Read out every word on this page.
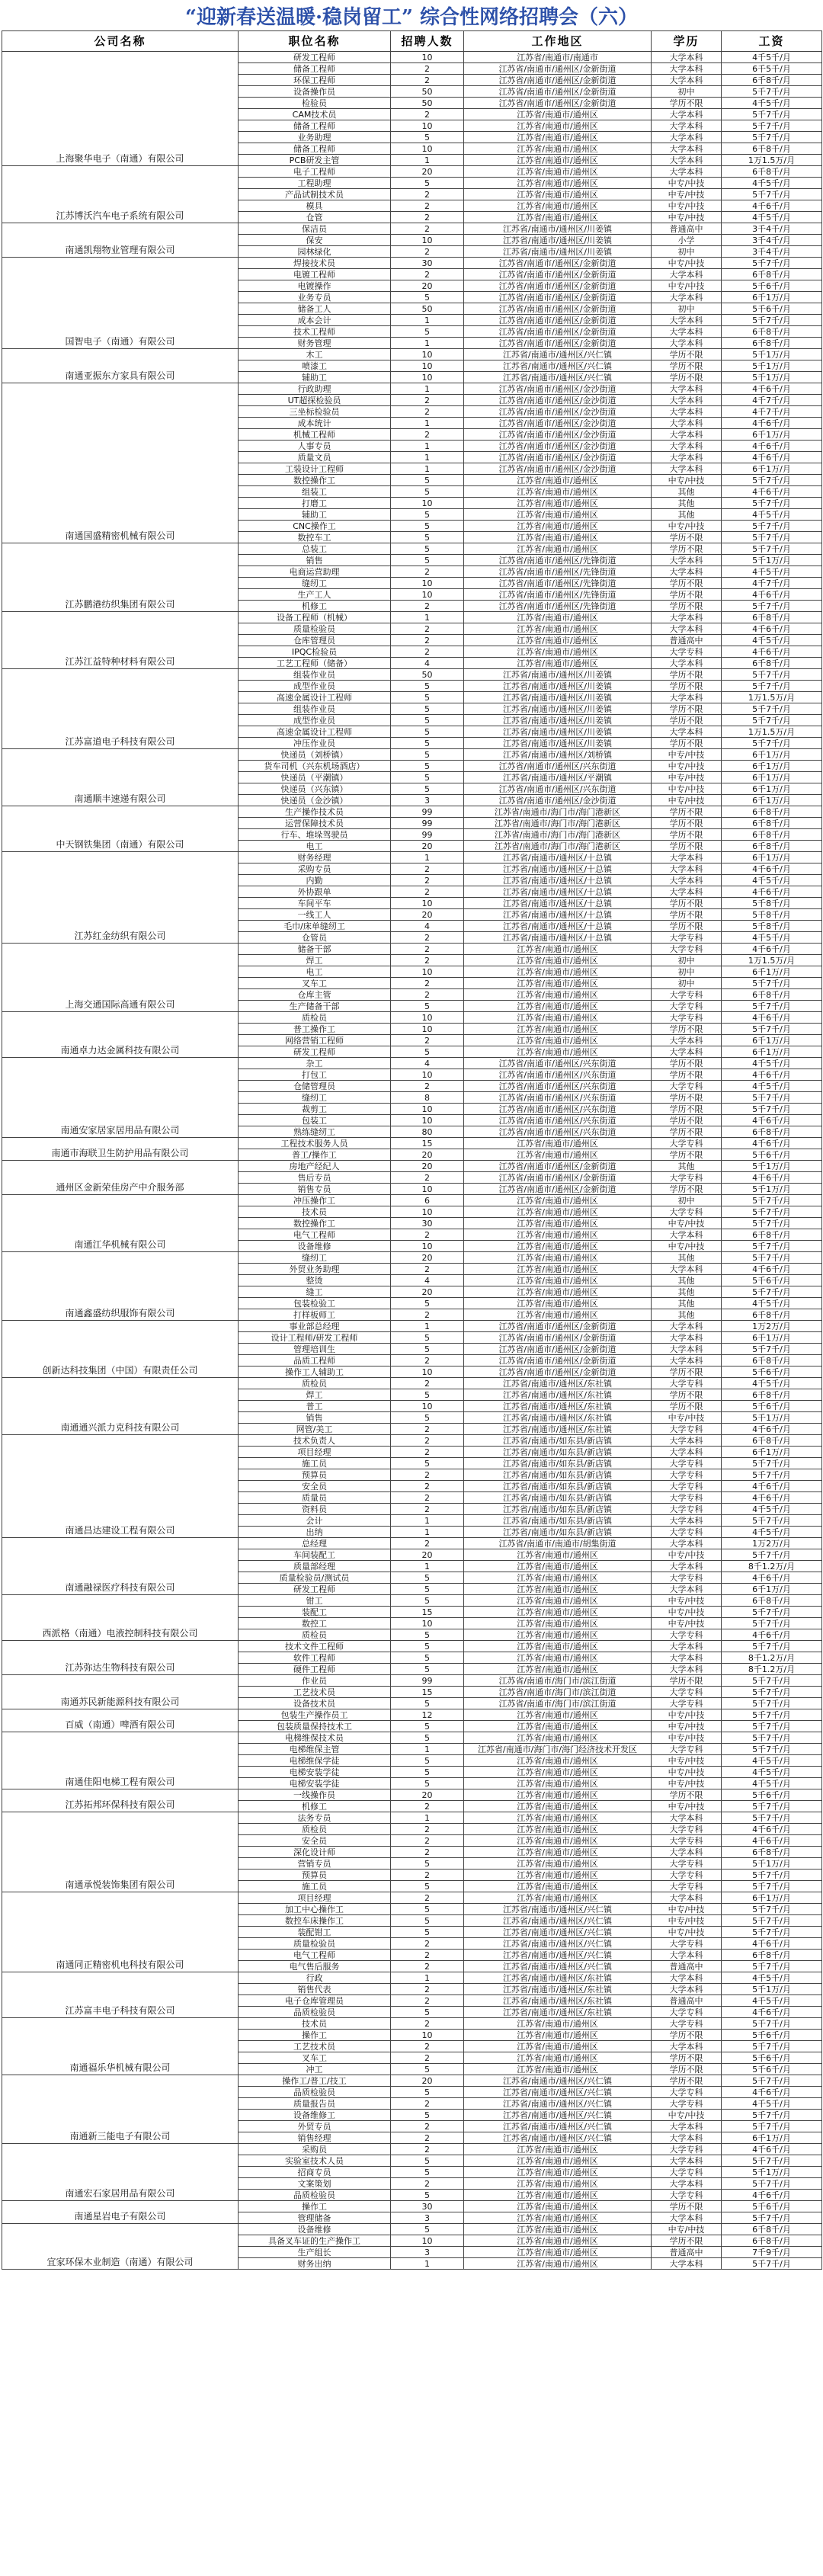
“迎新春送温暖·稳岗留工” 综合性网络招聘会（六）
公司名称	职位名称	招聘人数	工作地区	学历	工资
上海聚华电子（南通）有限公司	研发工程师	10	江苏省/南通市/南通市	大学本科	4千5千/月
	储备工程师	2	江苏省/南通市/通州区/金新街道	大学本科	6千5千/月
	环保工程师	2	江苏省/南通市/通州区/金新街道	大学本科	6千8千/月
	设备操作员	50	江苏省/南通市/通州区/金新街道	初中	5千7千/月
	检验员	50	江苏省/南通市/通州区/金新街道	学历不限	4千5千/月
	CAM技术员	2	江苏省/南通市/通州区	大学本科	5千7千/月
	储备工程师	10	江苏省/南通市/通州区	大学本科	5千7千/月
	业务助理	5	江苏省/南通市/通州区	大学本科	5千7千/月
	储备工程师	10	江苏省/南通市/通州区	大学本科	6千8千/月
	PCB研发主管	1	江苏省/南通市/通州区	大学本科	1万1.5万/月
江苏博沃汽车电子系统有限公司	电子工程师	20	江苏省/南通市/通州区	大学本科	6千8千/月
	工程助理	5	江苏省/南通市/通州区	中专/中技	4千5千/月
	产品试制技术员	2	江苏省/南通市/通州区	中专/中技	5千7千/月
	模具	2	江苏省/南通市/通州区	中专/中技	4千6千/月
	仓管	2	江苏省/南通市/通州区	中专/中技	4千5千/月
南通凯翔物业管理有限公司	保洁员	2	江苏省/南通市/通州区/川姜镇	普通高中	3千4千/月
	保安	10	江苏省/南通市/通州区/川姜镇	小学	3千4千/月
	园林绿化	2	江苏省/南通市/通州区/川姜镇	初中	3千4千/月
国智电子（南通）有限公司	焊接技术员	30	江苏省/南通市/通州区/金新街道	中专/中技	5千7千/月
	电镀工程师	2	江苏省/南通市/通州区/金新街道	大学本科	6千8千/月
	电镀操作	20	江苏省/南通市/通州区/金新街道	中专/中技	5千6千/月
	业务专员	5	江苏省/南通市/通州区/金新街道	大学本科	6千1万/月
	储备工人	50	江苏省/南通市/通州区/金新街道	初中	5千6千/月
	成本会计	1	江苏省/南通市/通州区/金新街道	大学本科	5千7千/月
	技术工程师	5	江苏省/南通市/通州区/金新街道	大学本科	6千8千/月
	财务管理	1	江苏省/南通市/通州区/金新街道	大学本科	6千8千/月
南通亚振东方家具有限公司	木工	10	江苏省/南通市/通州区/兴仁镇	学历不限	5千1万/月
	喷漆工	10	江苏省/南通市/通州区/兴仁镇	学历不限	5千1万/月
	辅助工	10	江苏省/南通市/通州区/兴仁镇	学历不限	5千1万/月
南通国盛精密机械有限公司	行政助理	1	江苏省/南通市/通州区/金沙街道	大学本科	4千6千/月
	UT超探检验员	2	江苏省/南通市/通州区/金沙街道	大学本科	4千7千/月
	三坐标检验员	2	江苏省/南通市/通州区/金沙街道	大学本科	4千7千/月
	成本统计	1	江苏省/南通市/通州区/金沙街道	大学本科	4千6千/月
	机械工程师	2	江苏省/南通市/通州区/金沙街道	大学本科	6千1万/月
	人事专员	1	江苏省/南通市/通州区/金沙街道	大学本科	4千6千/月
	质量文员	1	江苏省/南通市/通州区/金沙街道	大学本科	4千6千/月
	工装设计工程师	1	江苏省/南通市/通州区/金沙街道	大学本科	6千1万/月
	数控操作工	5	江苏省/南通市/通州区	中专/中技	5千7千/月
	组装工	5	江苏省/南通市/通州区	其他	4千6千/月
	打磨工	10	江苏省/南通市/通州区	其他	5千7千/月
	辅助工	5	江苏省/南通市/通州区	其他	4千5千/月
	CNC操作工	5	江苏省/南通市/通州区	中专/中技	5千7千/月
	数控车工	5	江苏省/南通市/通州区	学历不限	5千7千/月
江苏鹏港纺织集团有限公司	总装工	5	江苏省/南通市/通州区	学历不限	5千7千/月
	销售	5	江苏省/南通市/通州区/先锋街道	大学本科	5千1万/月
	电商运营助理	2	江苏省/南通市/通州区/先锋街道	大学本科	4千5千/月
	缝纫工	10	江苏省/南通市/通州区/先锋街道	学历不限	4千7千/月
	生产工人	10	江苏省/南通市/通州区/先锋街道	学历不限	4千6千/月
	机修工	2	江苏省/南通市/通州区/先锋街道	学历不限	5千7千/月
江苏江益特种材料有限公司	设备工程师（机械）	1	江苏省/南通市/通州区	大学本科	6千8千/月
	质量检验员	2	江苏省/南通市/通州区	大学本科	4千6千/月
	仓库管理员	2	江苏省/南通市/通州区	普通高中	4千5千/月
	IPQC检验员	2	江苏省/南通市/通州区	大学专科	4千6千/月
	工艺工程师（储备）	4	江苏省/南通市/通州区	大学本科	6千8千/月
江苏富道电子科技有限公司	组装作业员	50	江苏省/南通市/通州区/川姜镇	学历不限	5千7千/月
	成型作业员	5	江苏省/南通市/通州区/川姜镇	学历不限	5千7千/月
	高速金属设计工程师	5	江苏省/南通市/通州区/川姜镇	大学本科	1万1.5万/月
	组装作业员	5	江苏省/南通市/通州区/川姜镇	学历不限	5千7千/月
	成型作业员	5	江苏省/南通市/通州区/川姜镇	学历不限	5千7千/月
	高速金属设计工程师	5	江苏省/南通市/通州区/川姜镇	大学本科	1万1.5万/月
	冲压作业员	5	江苏省/南通市/通州区/川姜镇	学历不限	5千7千/月
南通顺丰速递有限公司	快递员（刘桥镇）	5	江苏省/南通市/通州区/刘桥镇	中专/中技	6千1万/月
	货车司机（兴东机场酒店）	5	江苏省/南通市/通州区/兴东街道	中专/中技	6千1万/月
	快递员（平潮镇）	5	江苏省/南通市/通州区/平潮镇	中专/中技	6千1万/月
	快递员（兴东镇）	5	江苏省/南通市/通州区/兴东街道	中专/中技	6千1万/月
	快递员（金沙镇）	3	江苏省/南通市/通州区/金沙街道	中专/中技	6千1万/月
中天钢铁集团（南通）有限公司	生产操作技术员	99	江苏省/南通市/海门市/海门港新区	学历不限	6千8千/月
	运营保障技术员	99	江苏省/南通市/海门市/海门港新区	学历不限	6千8千/月
	行车、堆垛驾驶员	99	江苏省/南通市/海门市/海门港新区	学历不限	6千8千/月
	电工	20	江苏省/南通市/海门市/海门港新区	学历不限	6千8千/月
江苏红金纺织有限公司	财务经理	1	江苏省/南通市/通州区/十总镇	大学本科	6千1万/月
	采购专员	2	江苏省/南通市/通州区/十总镇	大学本科	4千6千/月
	内勤	2	江苏省/南通市/通州区/十总镇	大学本科	4千5千/月
	外协跟单	2	江苏省/南通市/通州区/十总镇	大学本科	4千6千/月
	车间平车	10	江苏省/南通市/通州区/十总镇	学历不限	5千8千/月
	一线工人	20	江苏省/南通市/通州区/十总镇	学历不限	5千8千/月
	毛巾/床单缝纫工	4	江苏省/南通市/通州区/十总镇	学历不限	5千8千/月
	仓管员	2	江苏省/南通市/通州区/十总镇	大学专科	4千5千/月
上海交通国际高通有限公司	储备干部	2	江苏省/南通市/通州区	大学专科	4千6千/月
	焊工	2	江苏省/南通市/通州区	初中	1万1.5万/月
	电工	10	江苏省/南通市/通州区	初中	6千1万/月
	叉车工	2	江苏省/南通市/通州区	初中	5千7千/月
	仓库主管	2	江苏省/南通市/通州区	大学专科	6千8千/月
	生产储备干部	5	江苏省/南通市/通州区	大学专科	5千7千/月
南通卓力达金属科技有限公司	质检员	10	江苏省/南通市/通州区	大学专科	4千6千/月
	普工操作工	10	江苏省/南通市/通州区	学历不限	5千7千/月
	网络营销工程师	2	江苏省/南通市/通州区	大学本科	6千1万/月
	研发工程师	5	江苏省/南通市/通州区	大学本科	6千1万/月
南通安家居家居用品有限公司	杂工	4	江苏省/南通市/通州区/兴东街道	学历不限	4千5千/月
	打包工	10	江苏省/南通市/通州区/兴东街道	学历不限	4千6千/月
	仓储管理员	2	江苏省/南通市/通州区/兴东街道	大学专科	4千5千/月
	缝纫工	8	江苏省/南通市/通州区/兴东街道	学历不限	5千7千/月
	裁剪工	10	江苏省/南通市/通州区/兴东街道	学历不限	5千7千/月
	包装工	10	江苏省/南通市/通州区/兴东街道	学历不限	4千6千/月
	熟练缝纫工	80	江苏省/南通市/通州区/兴东街道	学历不限	6千8千/月
南通市海联卫生防护用品有限公司	工程技术服务人员	15	江苏省/南通市/通州区	大学专科	4千6千/月
	普工/操作工	20	江苏省/南通市/通州区	学历不限	5千6千/月
通州区金新荣佳房产中介服务部	房地产经纪人	20	江苏省/南通市/通州区/金新街道	其他	5千1万/月
	售后专员	2	江苏省/南通市/通州区/金新街道	大学专科	4千6千/月
	销售专员	10	江苏省/南通市/通州区/金新街道	学历不限	5千1万/月
南通江华机械有限公司	冲压操作工	6	江苏省/南通市/通州区	初中	5千7千/月
	技术员	10	江苏省/南通市/通州区	大学专科	5千7千/月
	数控操作工	30	江苏省/南通市/通州区	中专/中技	5千7千/月
	电气工程师	2	江苏省/南通市/通州区	大学本科	6千8千/月
	设备维修	10	江苏省/南通市/通州区	中专/中技	5千7千/月
南通鑫盛纺织服饰有限公司	缝纫工	20	江苏省/南通市/通州区	其他	5千7千/月
	外贸业务助理	2	江苏省/南通市/通州区	大学本科	4千6千/月
	整烫	4	江苏省/南通市/通州区	其他	5千6千/月
	缝工	20	江苏省/南通市/通州区	其他	5千7千/月
	包装检验工	5	江苏省/南通市/通州区	其他	4千5千/月
	打样板师工	2	江苏省/南通市/通州区	其他	6千8千/月
创新达科技集团（中国）有限责任公司	事业部总经理	1	江苏省/南通市/通州区/金新街道	大学本科	1万2万/月
	设计工程师/研发工程师	5	江苏省/南通市/通州区/金新街道	大学本科	6千1万/月
	管理培训生	5	江苏省/南通市/通州区/金新街道	大学本科	5千7千/月
	品质工程师	2	江苏省/南通市/通州区/金新街道	大学本科	6千8千/月
	操作工人辅助工	10	江苏省/南通市/通州区/金新街道	学历不限	5千6千/月
南通通兴派力克科技有限公司	质检员	2	江苏省/南通市/通州区/东社镇	大学专科	4千5千/月
	焊工	5	江苏省/南通市/通州区/东社镇	学历不限	6千8千/月
	普工	10	江苏省/南通市/通州区/东社镇	学历不限	5千6千/月
	销售	5	江苏省/南通市/通州区/东社镇	中专/中技	5千1万/月
	网管/美工	2	江苏省/南通市/通州区/东社镇	大学专科	4千6千/月
南通昌达建设工程有限公司	技术负责人	2	江苏省/南通市/如东县/新店镇	大学本科	6千8千/月
	项目经理	2	江苏省/南通市/如东县/新店镇	大学本科	6千1万/月
	施工员	5	江苏省/南通市/如东县/新店镇	大学专科	5千7千/月
	预算员	2	江苏省/南通市/如东县/新店镇	大学专科	5千7千/月
	安全员	2	江苏省/南通市/如东县/新店镇	大学专科	4千6千/月
	质量员	2	江苏省/南通市/如东县/新店镇	大学专科	4千6千/月
	资料员	2	江苏省/南通市/如东县/新店镇	大学专科	4千5千/月
	会计	1	江苏省/南通市/如东县/新店镇	大学本科	5千7千/月
	出纳	1	江苏省/南通市/如东县/新店镇	大学专科	4千5千/月
南通融禄医疗科技有限公司	总经理	2	江苏省/南通市/南通市/胡集街道	大学本科	1万2万/月
	车间装配工	20	江苏省/南通市/通州区	中专/中技	5千7千/月
	质量部经理	1	江苏省/南通市/通州区	大学本科	8千1.2万/月
	质量检验员/测试员	5	江苏省/南通市/通州区	大学专科	4千6千/月
	研发工程师	5	江苏省/南通市/通州区	大学本科	6千1万/月
西派格（南通）电液控制科技有限公司	钳工	5	江苏省/南通市/通州区	中专/中技	6千8千/月
	装配工	15	江苏省/南通市/通州区	中专/中技	5千7千/月
	数控工	10	江苏省/南通市/通州区	中专/中技	5千7千/月
	质检员	5	江苏省/南通市/通州区	大学专科	4千6千/月
江苏弥达生物科技有限公司	技术文件工程师	5	江苏省/南通市/通州区	大学本科	5千7千/月
	软件工程师	5	江苏省/南通市/通州区	大学本科	8千1.2万/月
	硬件工程师	5	江苏省/南通市/通州区	大学本科	8千1.2万/月
南通苏民新能源科技有限公司	作业员	99	江苏省/南通市/海门市/滨江街道	学历不限	5千7千/月
	工艺技术员	15	江苏省/南通市/海门市/滨江街道	大学专科	5千7千/月
	设备技术员	5	江苏省/南通市/海门市/滨江街道	大学专科	5千7千/月
百威（南通）啤酒有限公司	包装生产操作员工	12	江苏省/南通市/通州区	中专/中技	5千7千/月
	包装质量保持技术工	5	江苏省/南通市/通州区	中专/中技	5千7千/月
南通佳阳电梯工程有限公司	电梯维保技术员	5	江苏省/南通市/通州区	中专/中技	5千7千/月
	电梯维保主管	1	江苏省/南通市/海门市/海门经济技术开发区	大学专科	5千7千/月
	电梯维保学徒	5	江苏省/南通市/通州区	中专/中技	4千5千/月
	电梯安装学徒	5	江苏省/南通市/通州区	中专/中技	4千5千/月
	电梯安装学徒	5	江苏省/南通市/通州区	中专/中技	4千5千/月
江苏拓邦环保科技有限公司	一线操作员	20	江苏省/南通市/通州区	学历不限	5千6千/月
	机修工	2	江苏省/南通市/通州区	中专/中技	5千7千/月
南通承悦装饰集团有限公司	法务专员	1	江苏省/南通市/通州区	大学本科	5千7千/月
	质检员	2	江苏省/南通市/通州区	大学专科	4千6千/月
	安全员	2	江苏省/南通市/通州区	大学专科	4千6千/月
	深化设计师	2	江苏省/南通市/通州区	大学本科	6千8千/月
	营销专员	5	江苏省/南通市/通州区	大学专科	5千1万/月
	预算员	2	江苏省/南通市/通州区	大学专科	5千7千/月
	施工员	5	江苏省/南通市/通州区	大学专科	5千7千/月
南通同正精密机电科技有限公司	项目经理	2	江苏省/南通市/通州区	大学本科	6千1万/月
	加工中心操作工	5	江苏省/南通市/通州区/兴仁镇	中专/中技	5千7千/月
	数控车床操作工	5	江苏省/南通市/通州区/兴仁镇	中专/中技	5千7千/月
	装配钳工	5	江苏省/南通市/通州区/兴仁镇	中专/中技	5千7千/月
	质量检验员	2	江苏省/南通市/通州区/兴仁镇	大学专科	4千6千/月
	电气工程师	2	江苏省/南通市/通州区/兴仁镇	大学本科	6千8千/月
	电气售后服务	2	江苏省/南通市/通州区/兴仁镇	普通高中	5千7千/月
江苏富丰电子科技有限公司	行政	1	江苏省/南通市/通州区/东社镇	大学本科	4千5千/月
	销售代表	2	江苏省/南通市/通州区/东社镇	大学本科	5千1万/月
	电子仓库管理员	2	江苏省/南通市/通州区/东社镇	普通高中	4千5千/月
	品质检验员	5	江苏省/南通市/通州区/东社镇	大学专科	4千6千/月
南通福乐华机械有限公司	技术员	2	江苏省/南通市/通州区	大学专科	5千7千/月
	操作工	10	江苏省/南通市/通州区	学历不限	5千6千/月
	工艺技术员	2	江苏省/南通市/通州区	大学本科	5千7千/月
	叉车工	2	江苏省/南通市/通州区	学历不限	5千6千/月
	冲工	5	江苏省/南通市/通州区	学历不限	5千6千/月
南通新三能电子有限公司	操作工/普工/技工	20	江苏省/南通市/通州区/兴仁镇	学历不限	5千7千/月
	品质检验员	5	江苏省/南通市/通州区/兴仁镇	大学专科	4千6千/月
	质量报告员	2	江苏省/南通市/通州区/兴仁镇	大学专科	4千5千/月
	设备维修工	5	江苏省/南通市/通州区/兴仁镇	中专/中技	5千7千/月
	外贸专员	2	江苏省/南通市/通州区/兴仁镇	大学本科	5千7千/月
	销售经理	2	江苏省/南通市/通州区/兴仁镇	大学本科	6千1万/月
南通宏石家居用品有限公司	采购员	2	江苏省/南通市/通州区	大学专科	4千6千/月
	实验室技术人员	5	江苏省/南通市/通州区	大学本科	5千7千/月
	招商专员	5	江苏省/南通市/通州区	大学专科	5千1万/月
	文案策划	2	江苏省/南通市/通州区	大学本科	5千7千/月
	品质检验员	5	江苏省/南通市/通州区	大学专科	4千6千/月
南通星岩电子有限公司	操作工	30	江苏省/南通市/通州区	学历不限	5千6千/月
	管理储备	3	江苏省/南通市/通州区	大学本科	5千7千/月
宜家环保木业制造（南通）有限公司	设备维修	5	江苏省/南通市/通州区	中专/中技	6千8千/月
	具备叉车证的生产操作工	10	江苏省/南通市/通州区	学历不限	6千8千/月
	生产组长	3	江苏省/南通市/通州区	普通高中	7千9千/月
	财务出纳	1	江苏省/南通市/通州区	大学本科	5千7千/月
